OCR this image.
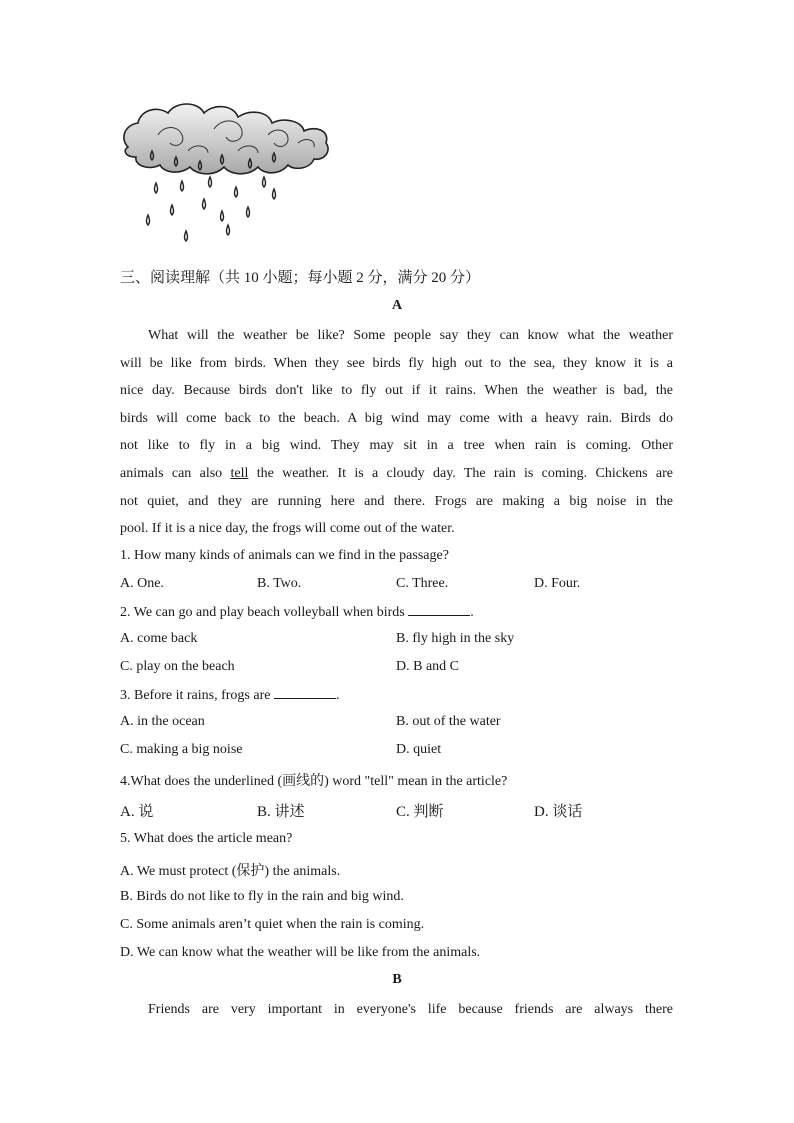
三、阅读理解（共 10 小题；每小题 2 分，满分 20 分）
A
What will the weather be like? Some people say they can know what the weather
will be like from birds. When they see birds fly high out to the sea, they know it is a
nice day. Because birds don't like to fly out if it rains. When the weather is bad, the
birds will come back to the beach. A big wind may come with a heavy rain. Birds do
not like to fly in a big wind. They may sit in a tree when rain is coming. Other
animals can also tell the weather. It is a cloudy day. The rain is coming. Chickens are
not quiet, and they are running here and there. Frogs are making a big noise in the
pool. If it is a nice day, the frogs will come out of the water.
1. How many kinds of animals can we find in the passage?
A. One.	B. Two.	C. Three.	D. Four.
2. We can go and play beach volleyball when birds	.
A. come back	B. fly high in the sky
C. play on the beach	D. B and C
3. Before it rains, frogs are	.
A. in the ocean	B. out of the water
C. making a big noise	D. quiet
4.What does the underlined (画线的) word "tell" mean in the article?
A. 说	B. 讲述	C. 判断	D. 谈话
5. What does the article mean?
A. We must protect (保护) the animals.
B. Birds do not like to fly in the rain and big wind.
C. Some animals aren’t quiet when the rain is coming.
D. We can know what the weather will be like from the animals.
B
Friends are very important in everyone's life because friends are always there
